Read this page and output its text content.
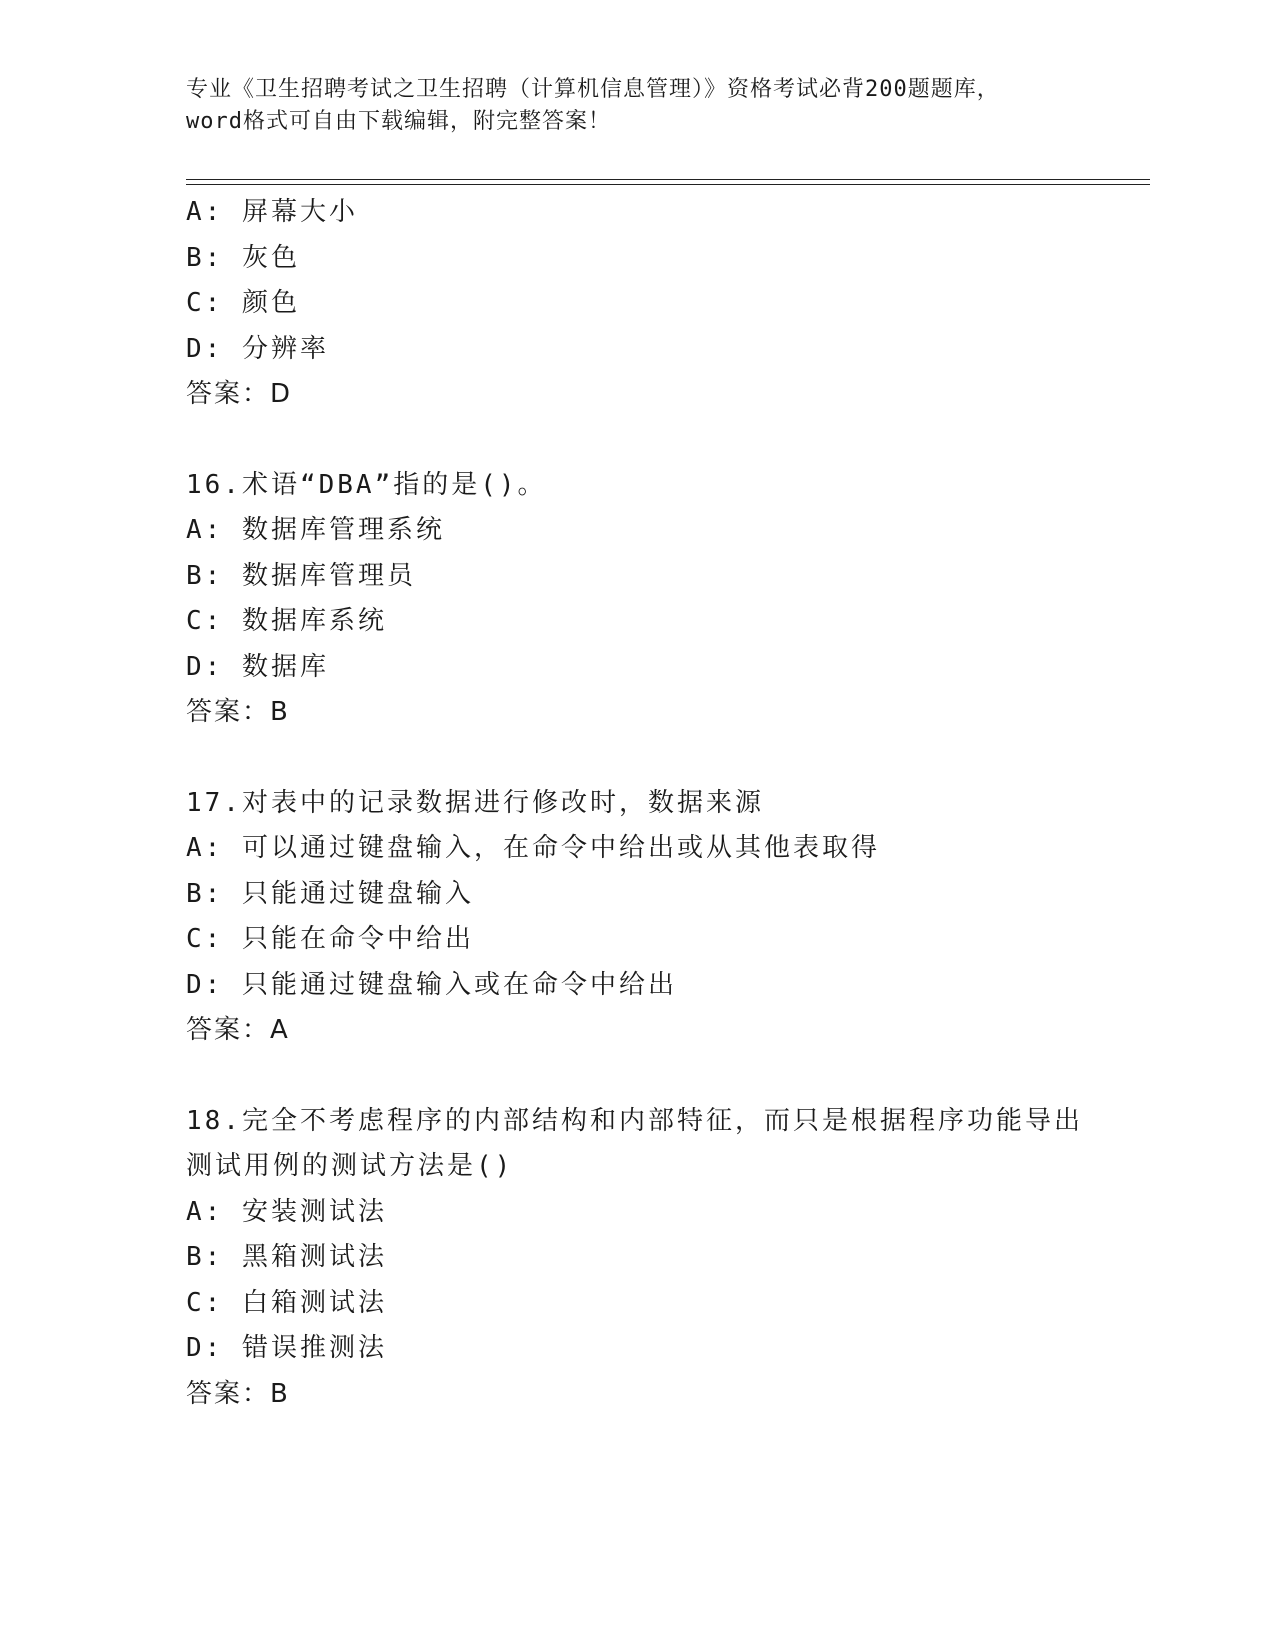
专业《卫生招聘考试之卫生招聘（计算机信息管理）》资格考试必背200题题库，
word格式可自由下载编辑，附完整答案！
A: 屏幕大小
B: 灰色
C: 颜色
D: 分辨率
答案：D
16.术语“DBA”指的是()。
A: 数据库管理系统
B: 数据库管理员
C: 数据库系统
D: 数据库
答案：B
17.对表中的记录数据进行修改时，数据来源
A: 可以通过键盘输入，在命令中给出或从其他表取得
B: 只能通过键盘输入
C: 只能在命令中给出
D: 只能通过键盘输入或在命令中给出
答案：A
18.完全不考虑程序的内部结构和内部特征，而只是根据程序功能导出
测试用例的测试方法是()
A: 安装测试法
B: 黑箱测试法
C: 白箱测试法
D: 错误推测法
答案：B
